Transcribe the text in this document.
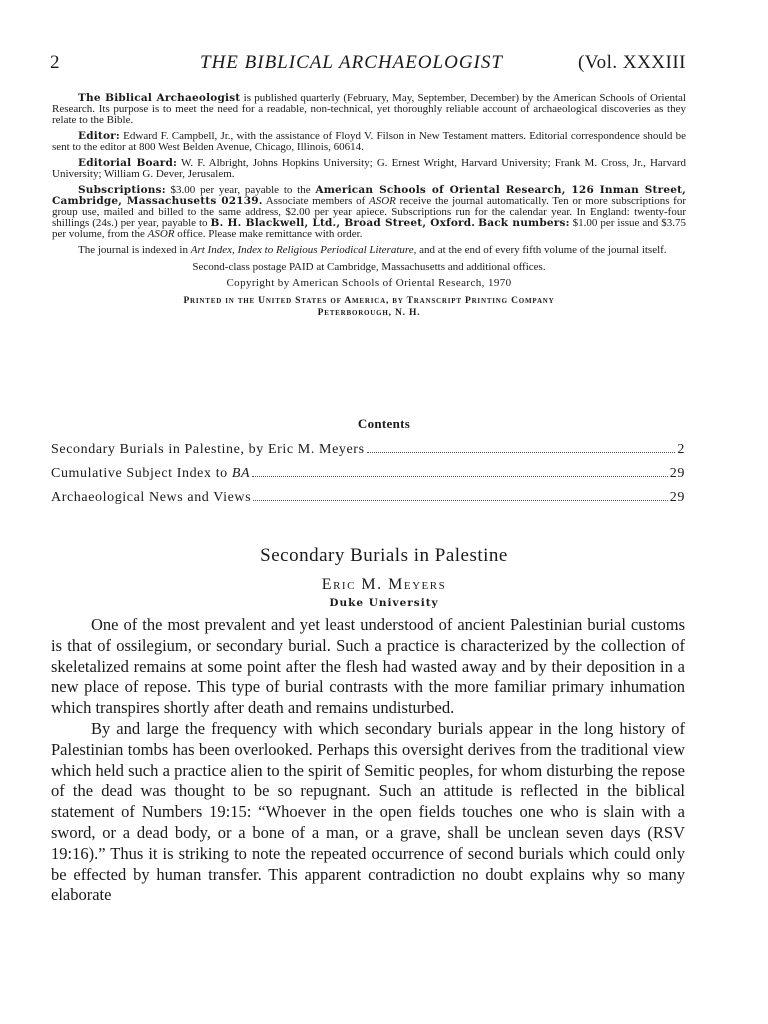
2	THE BIBLICAL ARCHAEOLOGIST	(Vol. XXXIII

The Biblical Archaeologist is published quarterly (February, May, September, December) by the American Schools of Oriental Research. Its purpose is to meet the need for a readable, non-technical, yet thoroughly reliable account of archaeological discoveries as they relate to the Bible.

Editor: Edward F. Campbell, Jr., with the assistance of Floyd V. Filson in New Testament matters. Editorial correspondence should be sent to the editor at 800 West Belden Avenue, Chicago, Illinois, 60614.

Editorial Board: W. F. Albright, Johns Hopkins University; G. Ernest Wright, Harvard University; Frank M. Cross, Jr., Harvard University; William G. Dever, Jerusalem.

Subscriptions: $3.00 per year, payable to the American Schools of Oriental Research, 126 Inman Street, Cambridge, Massachusetts 02139. Associate members of ASOR receive the journal automatically. Ten or more subscriptions for group use, mailed and billed to the same address, $2.00 per year apiece. Subscriptions run for the calendar year. In England: twenty-four shillings (24s.) per year, payable to B. H. Blackwell, Ltd., Broad Street, Oxford. Back numbers: $1.00 per issue and $3.75 per volume, from the ASOR office. Please make remittance with order.

The journal is indexed in Art Index, Index to Religious Periodical Literature, and at the end of every fifth volume of the journal itself.

Second-class postage PAID at Cambridge, Massachusetts and additional offices.

Copyright by American Schools of Oriental Research, 1970

Printed in the United States of America, by Transcript Printing Company
Peterborough, N. H.

Contents
Secondary Burials in Palestine, by Eric M. Meyers	2
Cumulative Subject Index to BA	29
Archaeological News and Views	29
Secondary Burials in Palestine
Eric M. Meyers
Duke University

One of the most prevalent and yet least understood of ancient Palestinian burial customs is that of ossilegium, or secondary burial. Such a practice is characterized by the collection of skeletalized remains at some point after the flesh had wasted away and by their deposition in a new place of repose. This type of burial contrasts with the more familiar primary inhumation which transpires shortly after death and remains undisturbed.

By and large the frequency with which secondary burials appear in the long history of Palestinian tombs has been overlooked. Perhaps this oversight derives from the traditional view which held such a practice alien to the spirit of Semitic peoples, for whom disturbing the repose of the dead was thought to be so repugnant. Such an attitude is reflected in the biblical statement of Numbers 19:15: “Whoever in the open fields touches one who is slain with a sword, or a dead body, or a bone of a man, or a grave, shall be unclean seven days (RSV 19:16).” Thus it is striking to note the repeated occurrence of second burials which could only be effected by human transfer. This apparent contradiction no doubt explains why so many elaborate
